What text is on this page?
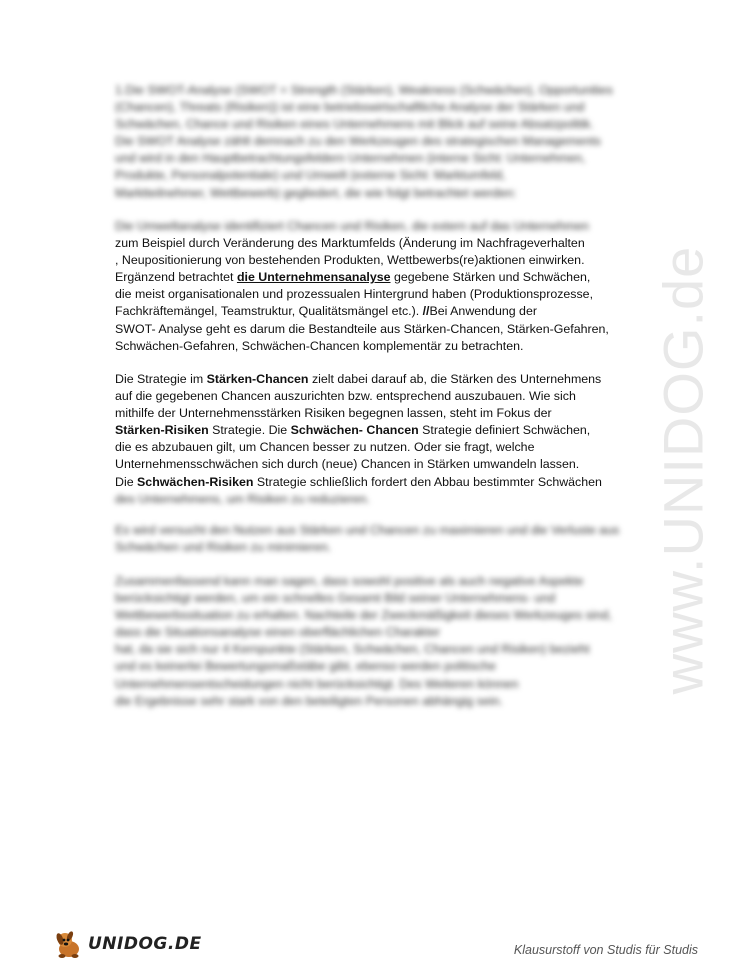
www.UNIDOG.de
1.Die SWOT-Analyse (SWOT = Strength (Stärken), Weakness (Schwächen), Opportunities
(Chancen), Threats (Risiken)) ist eine betriebswirtschaftliche Analyse der Stärken und
Schwächen, Chance und Risiken eines Unternehmens mit Blick auf seine Absatzpolitik.
Die SWOT Analyse zählt demnach zu den Werkzeugen des strategischen Managements
und wird in den Hauptbetrachtungsfeldern Unternehmen (interne Sicht: Unternehmen,
Produkte, Personalpotentiale) und Umwelt (externe Sicht: Marktumfeld,
Marktteilnehmer, Wettbewerb) gegliedert, die wie folgt betrachtet werden:
Die Umweltanalyse identifiziert Chancen und Risiken, die extern auf das Unternehmen
zum Beispiel durch Veränderung des Marktumfelds (Änderung im Nachfrageverhalten
, Neupositionierung von bestehenden Produkten, Wettbewerbs(re)aktionen einwirken.
Ergänzend betrachtet die Unternehmensanalyse gegebene Stärken und Schwächen,
die meist organisationalen und prozessualen Hintergrund haben (Produktionsprozesse,
Fachkräftemängel, Teamstruktur, Qualitätsmängel etc.). //Bei Anwendung der
SWOT- Analyse geht es darum die Bestandteile aus Stärken-Chancen, Stärken-Gefahren,
Schwächen-Gefahren, Schwächen-Chancen komplementär zu betrachten.
Die Strategie im Stärken-Chancen zielt dabei darauf ab, die Stärken des Unternehmens
auf die gegebenen Chancen auszurichten bzw. entsprechend auszubauen. Wie sich
mithilfe der Unternehmensstärken Risiken begegnen lassen, steht im Fokus der
Stärken-Risiken Strategie. Die Schwächen- Chancen Strategie definiert Schwächen,
die es abzubauen gilt, um Chancen besser zu nutzen. Oder sie fragt, welche
Unternehmensschwächen sich durch (neue) Chancen in Stärken umwandeln lassen.
Die Schwächen-Risiken Strategie schließlich fordert den Abbau bestimmter Schwächen
des Unternehmens, um Risiken zu reduzieren.
Es wird versucht den Nutzen aus Stärken und Chancen zu maximieren und die Verluste aus
Schwächen und Risiken zu minimieren.
Zusammenfassend kann man sagen, dass sowohl positive als auch negative Aspekte
berücksichtigt werden, um ein schnelles Gesamt Bild seiner Unternehmens- und
Wettbewerbssituation zu erhalten. Nachteile der Zweckmäßigkeit dieses Werkzeuges sind,
dass die Situationsanalyse einen oberflächlichen Charakter
hat, da sie sich nur 4 Kernpunkte (Stärken, Schwächen, Chancen und Risiken) bezieht
und es keinerlei Bewertungsmaßstäbe gibt, ebenso werden politische
Unternehmensentscheidungen nicht berücksichtigt. Des Weiteren können
die Ergebnisse sehr stark von den beteiligten Personen abhängig sein.
UNIDOG.DE	Klausurstoff von Studis für Studis
